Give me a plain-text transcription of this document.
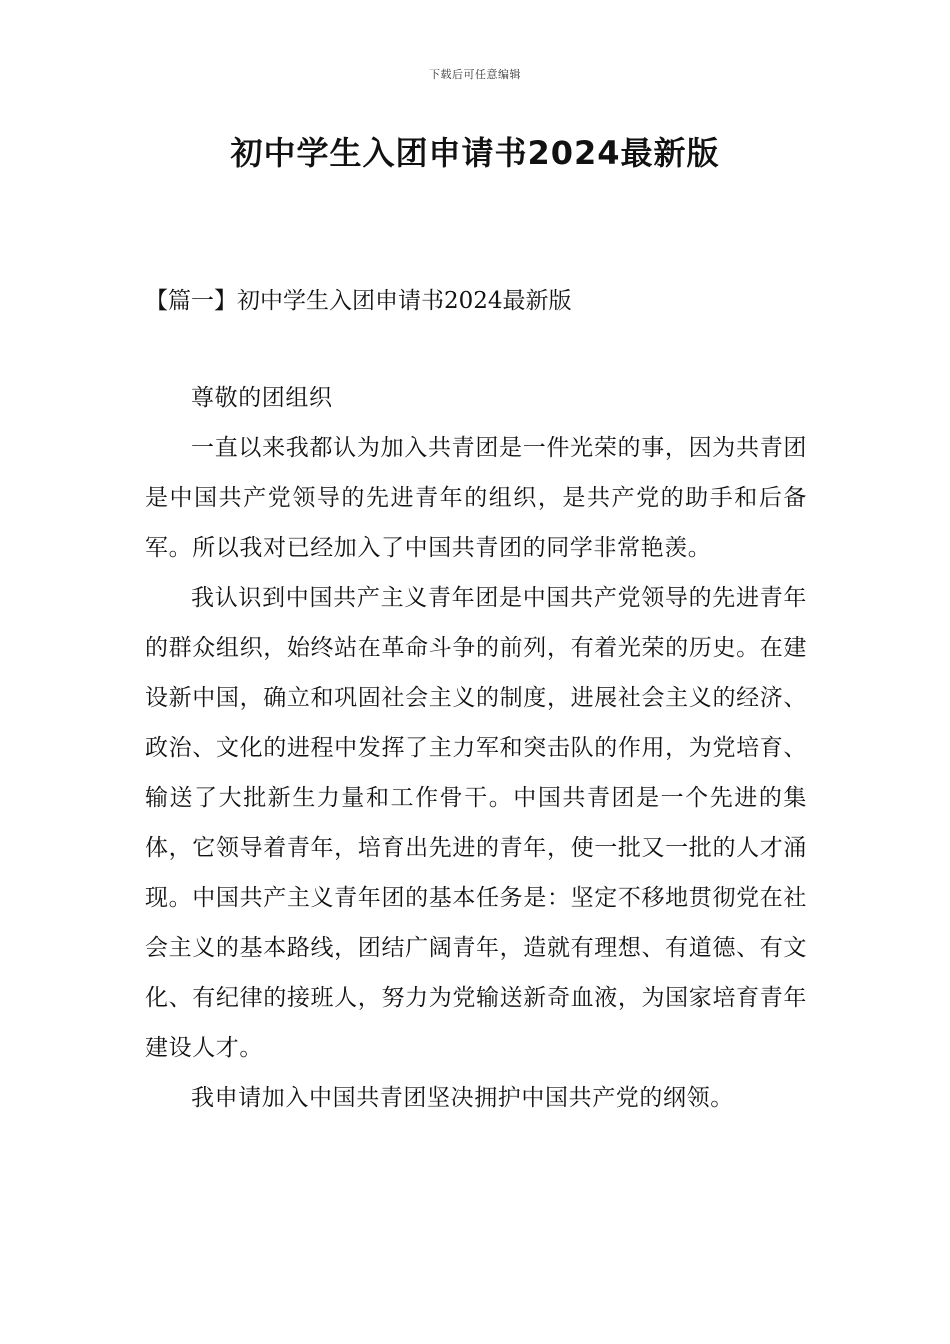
下载后可任意编辑
初中学生入团申请书2024最新版
【篇一】初中学生入团申请书2024最新版

尊敬的团组织

一直以来我都认为加入共青团是一件光荣的事，因为共青团是中国共产党领导的先进青年的组织，是共产党的助手和后备军。所以我对已经加入了中国共青团的同学非常艳羡。

我认识到中国共产主义青年团是中国共产党领导的先进青年的群众组织，始终站在革命斗争的前列，有着光荣的历史。在建设新中国，确立和巩固社会主义的制度，进展社会主义的经济、政治、文化的进程中发挥了主力军和突击队的作用，为党培育、输送了大批新生力量和工作骨干。中国共青团是一个先进的集体，它领导着青年，培育出先进的青年，使一批又一批的人才涌现。中国共产主义青年团的基本任务是：坚定不移地贯彻党在社会主义的基本路线，团结广阔青年，造就有理想、有道德、有文化、有纪律的接班人，努力为党输送新奇血液，为国家培育青年建设人才。

我申请加入中国共青团坚决拥护中国共产党的纲领。
